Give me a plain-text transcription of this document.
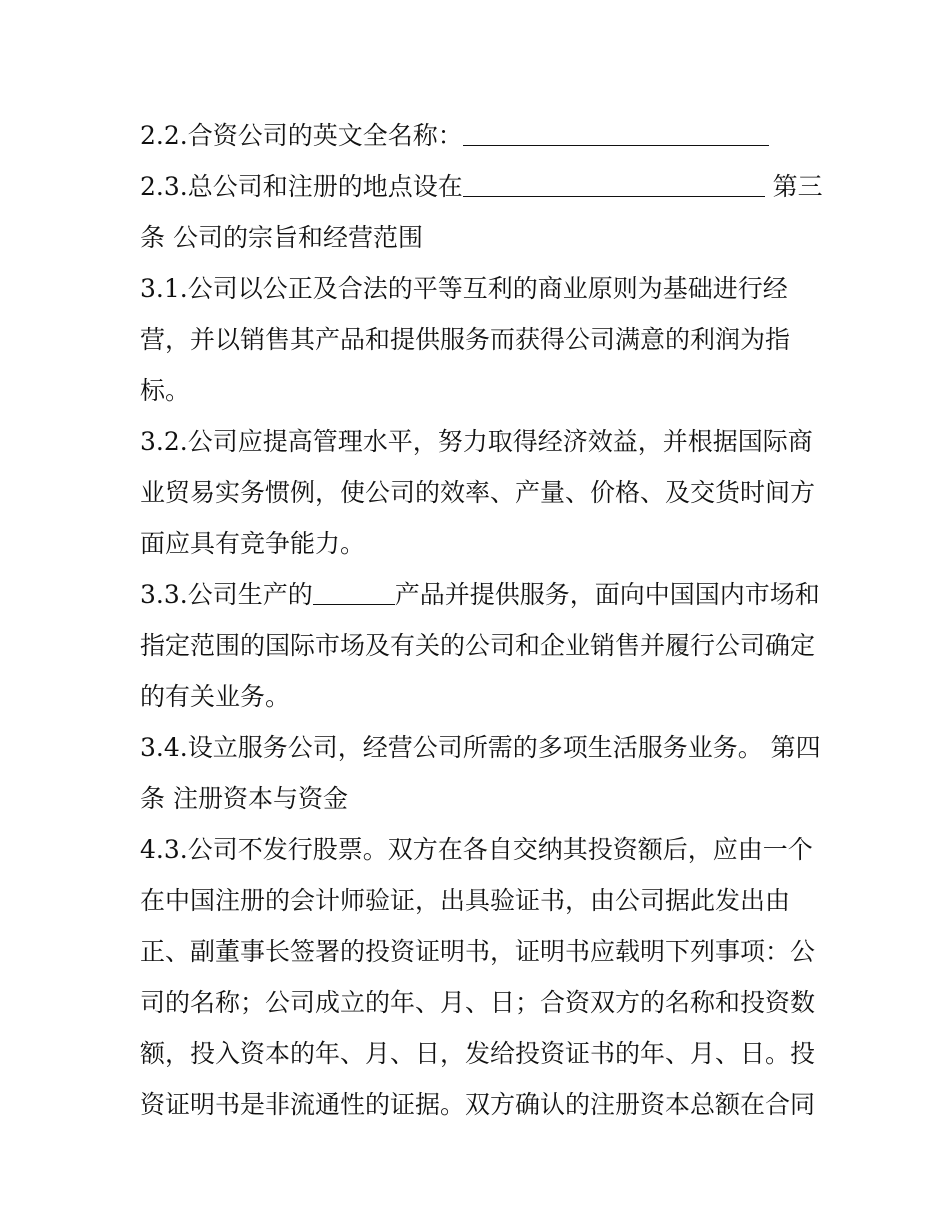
2.2.合资公司的英文全名称：
2.3.总公司和注册的地点设在	第三
条 公司的宗旨和经营范围
3.1.公司以公正及合法的平等互利的商业原则为基础进行经
营，并以销售其产品和提供服务而获得公司满意的利润为指
标。
3.2.公司应提高管理水平，努力取得经济效益，并根据国际商
业贸易实务惯例，使公司的效率、产量、价格、及交货时间方
面应具有竞争能力。
3.3.公司生产的	产品并提供服务，面向中国国内市场和
指定范围的国际市场及有关的公司和企业销售并履行公司确定
的有关业务。
3.4.设立服务公司，经营公司所需的多项生活服务业务。 第四
条 注册资本与资金
4.3.公司不发行股票。双方在各自交纳其投资额后，应由一个
在中国注册的会计师验证，出具验证书，由公司据此发出由
正、副董事长签署的投资证明书，证明书应载明下列事项：公
司的名称；公司成立的年、月、日；合资双方的名称和投资数
额，投入资本的年、月、日，发给投资证书的年、月、日。投
资证明书是非流通性的证据。双方确认的注册资本总额在合同
